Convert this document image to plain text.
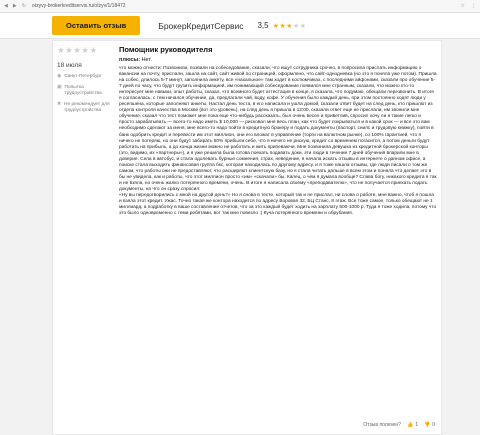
◀ ▶ ↻ otzyvy-brokerkreditservis.ru/otzyv/1/18472	☆ ⋮
Оставить отзыв	БрокерКредитСервис 3,5 ★★★★★
★★★★★
18 июля
◉ Санкт-Петербург
▣ Попытка трудоустройства
✖ Не рекомендует для трудоустройства
Помощник руководителя
плюсы: Нет.

что можно отнести: Позвонили, позвали на собеседование, сказали, что ищут сотрудника срочно, в попросила прислать информацию о вакансии на почту, прислали, зашла на сайт, сайт живой по страницей, оформлено, что сайт-однодневка (но это я поняла уже потом). Пришла на собес, длилось 5-7 минут, заполнила анкету, все «нахальное» там ходят в костюмчиках, с последними айфонами, сказали про обучение 5-7 дней по часу, что будут грузить информацией, им понимающий собеседование появился мне странным, сказали, что можно кто-то интересует мне навыки, опыт работы, сказал, что всемного будет аттестация в конце, я сказала, что подумаю, обещали перезвонить. В итоге я согласилась, с тем начался обучение, да, предлагали чай, воду, кофе. У обучения было каждый день, при этом постоянно ходят люди у ресепшена, которые заполняют анкеты. Настал день теста, в его написала и ушла домой, сказали ответ будет на след день, кто пришлют из отдела контроля качества в Москве (вот это уровень), на след день я пришла в 12:00, сказали ответ еще не прислали, им звонили мне обучение, сказал что тест поможет мне пока еще что-нибудь рассказать, был очень весел и приветлив, спросил хочу ли я такие легко и просто зарабатывать — всего-то надо иметь $ 10,000 — рисковал мне весь план, как что будет покрываться и в какой срок — и все это вам необходимо сделают за меня, мне всего-то надо пойти в кредитную брокеру и подать документы (паспорт, снилс и трудовую книжку), пойти в банк одобрить кредит и перевести им этот миллион, они его вложат в управление (торги на валютном рынке), со 100% гарантией, что я ничего не потеряю, но они будут забирать 50% прибыли себе, что я ничего не рискую, кредит со временем погасится, а потом деньги будут работать на прибыль, а до конца жизни можно не работать и жить припеваючи. Мне позвонила девушка из кредитной брокерской конторы (это, видимо, их «партнеры»), и я уже решила была готова поехать подавать доки, эти люди в течение 7 дней обучения впарили мне в доверие. Села в автобус, и стала одолевать бурные сомнения, страх, неведение, я начала искать отзывы в интернете о данном офисе, а поиске стала выходить финансовая группа бкс, которая находилась по другому адресу, и я тоже нашла отзывы, где люди писали о том же самом, что работы они не предоставляют, что расширяют клиентскую базу, но я стала читать дальше в всем этом и поняла что делает это в бы не увидела, как и работы, что этот миллион просто «им» «скачали» бы. Капец, о чем я думала вообще? Слава богу, никакого кредита я так и не взяла, но очень жалко потерянного времени, очень. В итоге я написала своему «преподавателю», что не получается приехать подать документы, на что он сразу спросил:

«Ну вы передогворились с мной на другой день?» Но я снова в тесте, который так и не прислал, ни слова о работе, мне важно, чтоб я пошла и взяла этот кредит. Ужас. Точно такая же контора находится по адресу Боровая 32, БЦ Станс, 8 этаж. Все тоже самое, только обещают не 1 миллиард, а подработку в ваше составление отчетов, что за это каждый будет ходить на зарплату 500-1000 р. Туда я тоже ходила, потому что это было одновременно с теми ребятами, вот так мне повезло :) Куча потерянного времени и обрубания.

Отзыв полезен? 👍 1 👎 0
